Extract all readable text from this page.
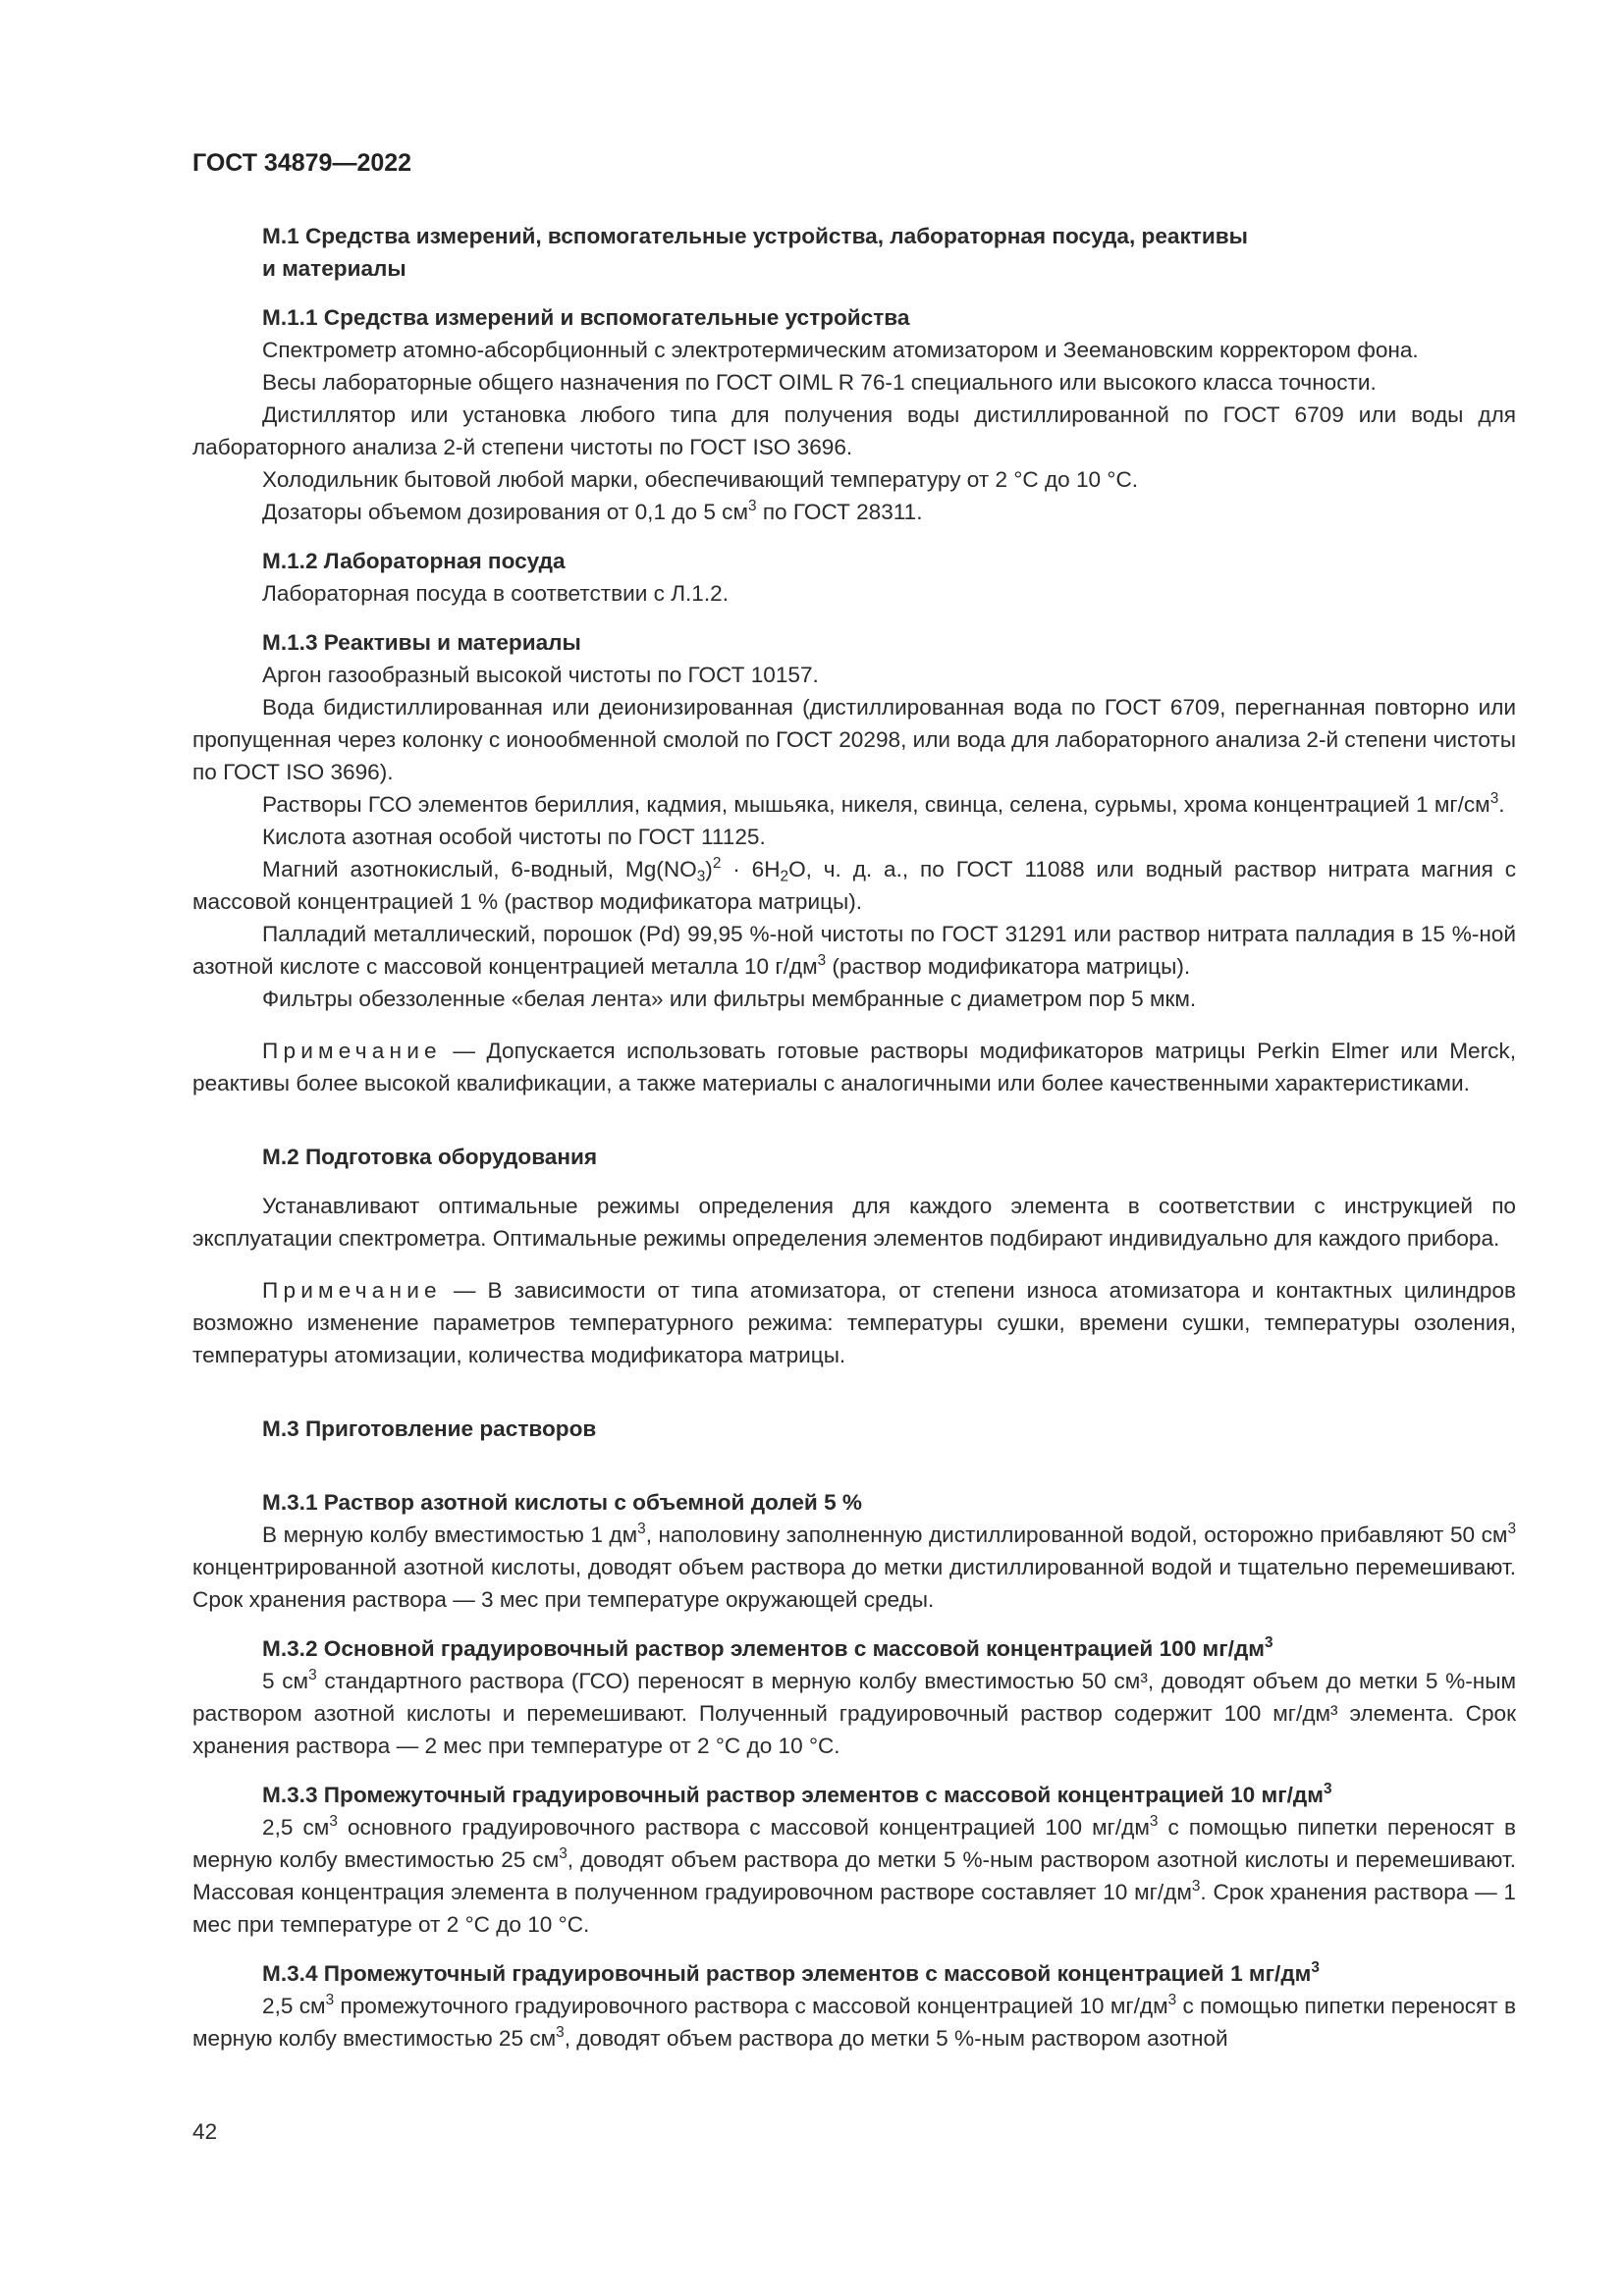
ГОСТ 34879—2022

М.1 Средства измерений, вспомогательные устройства, лабораторная посуда, реактивы
и материалы

М.1.1 Средства измерений и вспомогательные устройства

Спектрометр атомно-абсорбционный с электротермическим атомизатором и Зеемановским корректором фона.

Весы лабораторные общего назначения по ГОСТ OIML R 76-1 специального или высокого класса точности.

Дистиллятор или установка любого типа для получения воды дистиллированной по ГОСТ 6709 или воды для лабораторного анализа 2-й степени чистоты по ГОСТ ISO 3696.

Холодильник бытовой любой марки, обеспечивающий температуру от 2 °С до 10 °С.

Дозаторы объемом дозирования от 0,1 до 5 $см^3$ по ГОСТ 28311.

М.1.2 Лабораторная посуда

Лабораторная посуда в соответствии с Л.1.2.

М.1.3 Реактивы и материалы

Аргон газообразный высокой чистоты по ГОСТ 10157.

Вода бидистиллированная или деионизированная (дистиллированная вода по ГОСТ 6709, перегнанная повторно или пропущенная через колонку с ионообменной смолой по ГОСТ 20298, или вода для лабораторного анализа 2-й степени чистоты по ГОСТ ISO 3696).

Растворы ГСО элементов бериллия, кадмия, мышьяка, никеля, свинца, селена, сурьмы, хрома концентрацией 1 $мг/см^3$.

Кислота азотная особой чистоты по ГОСТ 11125.

Магний азотнокислый, 6-водный, $Mg(NO_3)^2 \cdot 6H_2O$, ч. д. а., по ГОСТ 11088 или водный раствор нитрата магния с массовой концентрацией 1 % (раствор модификатора матрицы).

Палладий металлический, порошок (Pd) 99,95 %-ной чистоты по ГОСТ 31291 или раствор нитрата палладия в 15 %-ной азотной кислоте с массовой концентрацией металла 10 $г/дм^3$ (раствор модификатора матрицы).

Фильтры обеззоленные «белая лента» или фильтры мембранные с диаметром пор 5 мкм.

Примечание — Допускается использовать готовые растворы модификаторов матрицы Perkin Elmer или Merck, реактивы более высокой квалификации, а также материалы с аналогичными или более качественными характеристиками.

М.2 Подготовка оборудования

Устанавливают оптимальные режимы определения для каждого элемента в соответствии с инструкцией по эксплуатации спектрометра. Оптимальные режимы определения элементов подбирают индивидуально для каждого прибора.

Примечание — В зависимости от типа атомизатора, от степени износа атомизатора и контактных цилиндров возможно изменение параметров температурного режима: температуры сушки, времени сушки, температуры озоления, температуры атомизации, количества модификатора матрицы.

М.3 Приготовление растворов

М.3.1 Раствор азотной кислоты с объемной долей 5 %

В мерную колбу вместимостью 1 $дм^3$, наполовину заполненную дистиллированной водой, осторожно прибавляют 50 $см^3$ концентрированной азотной кислоты, доводят объем раствора до метки дистиллированной водой и тщательно перемешивают. Срок хранения раствора — 3 мес при температуре окружающей среды.

М.3.2 Основной градуировочный раствор элементов с массовой концентрацией 100 $мг/дм^3$

5 $см^3$ стандартного раствора (ГСО) переносят в мерную колбу вместимостью 50 см³, доводят объем до метки 5 %-ным раствором азотной кислоты и перемешивают. Полученный градуировочный раствор содержит 100 мг/дм³ элемента. Срок хранения раствора — 2 мес при температуре от 2 °С до 10 °С.

М.3.3 Промежуточный градуировочный раствор элементов с массовой концентрацией 10 $мг/дм^3$

2,5 $см^3$ основного градуировочного раствора с массовой концентрацией 100 $мг/дм^3$ с помощью пипетки переносят в мерную колбу вместимостью 25 $см^3$, доводят объем раствора до метки 5 %-ным раствором азотной кислоты и перемешивают. Массовая концентрация элемента в полученном градуировочном растворе составляет 10 $мг/дм^3$. Срок хранения раствора — 1 мес при температуре от 2 °С до 10 °С.

М.3.4 Промежуточный градуировочный раствор элементов с массовой концентрацией 1 $мг/дм^3$

2,5 $см^3$ промежуточного градуировочного раствора с массовой концентрацией 10 $мг/дм^3$ с помощью пипетки переносят в мерную колбу вместимостью 25 $см^3$, доводят объем раствора до метки 5 %-ным раствором азотной

42
